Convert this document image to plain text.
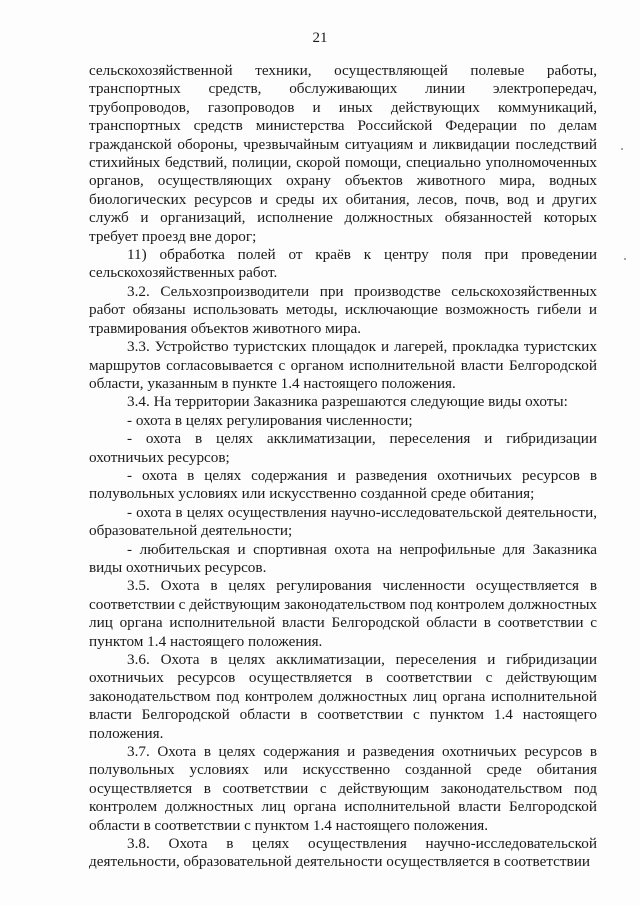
21

сельскохозяйственной техники, осуществляющей полевые работы, транспортных средств, обслуживающих линии электропередач, трубопроводов, газопроводов и иных действующих коммуникаций, транспортных средств министерства Российской Федерации по делам гражданской обороны, чрезвычайным ситуациям и ликвидации последствий стихийных бедствий, полиции, скорой помощи, специально уполномоченных органов, осуществляющих охрану объектов животного мира, водных биологических ресурсов и среды их обитания, лесов, почв, вод и других служб и организаций, исполнение должностных обязанностей которых требует проезд вне дорог;

11) обработка полей от краёв к центру поля при проведении сельскохозяйственных работ.

3.2. Сельхозпроизводители при производстве сельскохозяйственных работ обязаны использовать методы, исключающие возможность гибели и травмирования объектов животного мира.

3.3. Устройство туристских площадок и лагерей, прокладка туристских маршрутов согласовывается с органом исполнительной власти Белгородской области, указанным в пункте 1.4 настоящего положения.

3.4. На территории Заказника разрешаются следующие виды охоты:

- охота в целях регулирования численности;

- охота в целях акклиматизации, переселения и гибридизации охотничьих ресурсов;

- охота в целях содержания и разведения охотничьих ресурсов в полувольных условиях или искусственно созданной среде обитания;

- охота в целях осуществления научно-исследовательской деятельности, образовательной деятельности;

- любительская и спортивная охота на непрофильные для Заказника виды охотничьих ресурсов.

3.5. Охота в целях регулирования численности осуществляется в соответствии с действующим законодательством под контролем должностных лиц органа исполнительной власти Белгородской области в соответствии с пунктом 1.4 настоящего положения.

3.6. Охота в целях акклиматизации, переселения и гибридизации охотничьих ресурсов осуществляется в соответствии с действующим законодательством под контролем должностных лиц органа исполнительной власти Белгородской области в соответствии с пунктом 1.4 настоящего положения.

3.7. Охота в целях содержания и разведения охотничьих ресурсов в полувольных условиях или искусственно созданной среде обитания осуществляется в соответствии с действующим законодательством под контролем должностных лиц органа исполнительной власти Белгородской области в соответствии с пунктом 1.4 настоящего положения.

3.8. Охота в целях осуществления научно-исследовательской деятельности, образовательной деятельности осуществляется в соответствии
